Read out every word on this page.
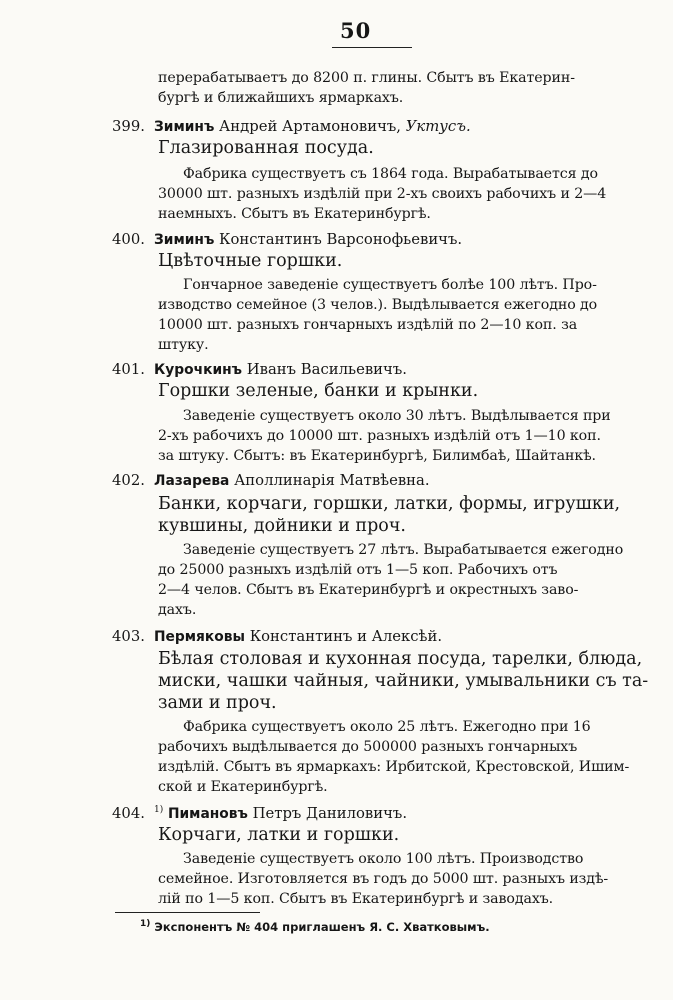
50
перерабатываетъ до 8200 п. глины. Сбытъ въ Екатерин-
бургѣ и ближайшихъ ярмаркахъ.
399. Зиминъ Андрей Артамоновичъ, Уктусъ.
Глазированная посуда.
Фабрика существуетъ съ 1864 года. Вырабатывается до
30000 шт. разныхъ издѣлій при 2-хъ своихъ рабочихъ и 2—4
наемныхъ. Сбытъ въ Екатеринбургѣ.
400. Зиминъ Константинъ Варсонофьевичъ.
Цвѣточные горшки.
Гончарное заведеніе существуетъ болѣе 100 лѣтъ. Про-
изводство семейное (3 челов.). Выдѣлывается ежегодно до
10000 шт. разныхъ гончарныхъ издѣлій по 2—10 коп. за
штуку.
401. Курочкинъ Иванъ Васильевичъ.
Горшки зеленые, банки и крынки.
Заведеніе существуетъ около 30 лѣтъ. Выдѣлывается при
2-хъ рабочихъ до 10000 шт. разныхъ издѣлій отъ 1—10 коп.
за штуку. Сбытъ: въ Екатеринбургѣ, Билимбаѣ, Шайтанкѣ.
402. Лазарева Аполлинарія Матвѣевна.
Банки, корчаги, горшки, латки, формы, игрушки,
кувшины, дойники и проч.
Заведеніе существуетъ 27 лѣтъ. Вырабатывается ежегодно
до 25000 разныхъ издѣлій отъ 1—5 коп. Рабочихъ отъ
2—4 челов. Сбытъ въ Екатеринбургѣ и окрестныхъ заво-
дахъ.
403. Пермяковы Константинъ и Алексѣй.
Бѣлая столовая и кухонная посуда, тарелки, блюда,
миски, чашки чайныя, чайники, умывальники съ та-
зами и проч.
Фабрика существуетъ около 25 лѣтъ. Ежегодно при 16
рабочихъ выдѣлывается до 500000 разныхъ гончарныхъ
издѣлій. Сбытъ въ ярмаркахъ: Ирбитской, Крестовской, Ишим-
ской и Екатеринбургѣ.
404. $^{1)}$ Пимановъ Петръ Даниловичъ.
Корчаги, латки и горшки.
Заведеніе существуетъ около 100 лѣтъ. Производство
семейное. Изготовляется въ годъ до 5000 шт. разныхъ издѣ-
лій по 1—5 коп. Сбытъ въ Екатеринбургѣ и заводахъ.
$^{1)}$ Экспонентъ № 404 приглашенъ Я. С. Хватковымъ.
